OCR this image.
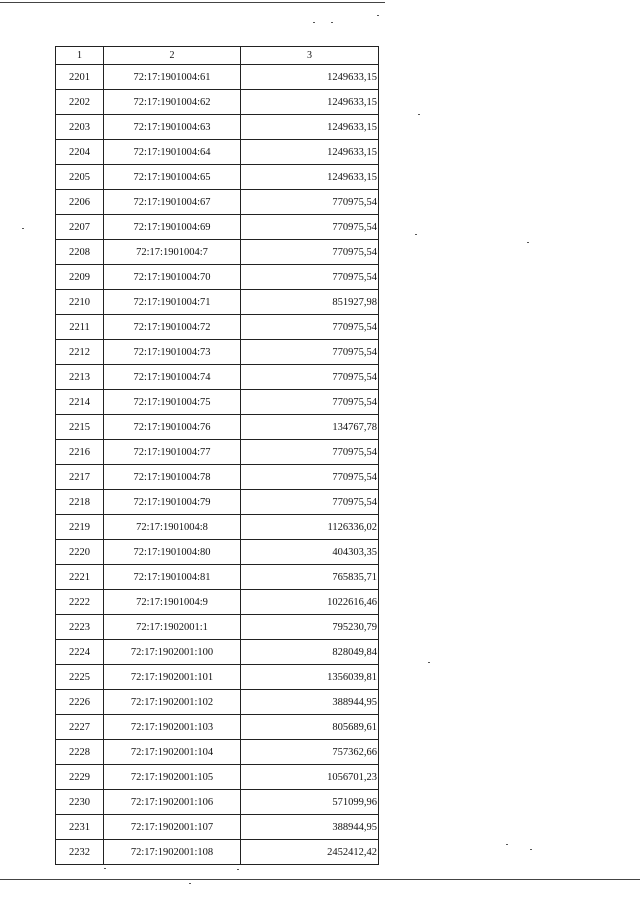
1	2	3
2201	72:17:1901004:61	1249633,15
2202	72:17:1901004:62	1249633,15
2203	72:17:1901004:63	1249633,15
2204	72:17:1901004:64	1249633,15
2205	72:17:1901004:65	1249633,15
2206	72:17:1901004:67	770975,54
2207	72:17:1901004:69	770975,54
2208	72:17:1901004:7	770975,54
2209	72:17:1901004:70	770975,54
2210	72:17:1901004:71	851927,98
2211	72:17:1901004:72	770975,54
2212	72:17:1901004:73	770975,54
2213	72:17:1901004:74	770975,54
2214	72:17:1901004:75	770975,54
2215	72:17:1901004:76	134767,78
2216	72:17:1901004:77	770975,54
2217	72:17:1901004:78	770975,54
2218	72:17:1901004:79	770975,54
2219	72:17:1901004:8	1126336,02
2220	72:17:1901004:80	404303,35
2221	72:17:1901004:81	765835,71
2222	72:17:1901004:9	1022616,46
2223	72:17:1902001:1	795230,79
2224	72:17:1902001:100	828049,84
2225	72:17:1902001:101	1356039,81
2226	72:17:1902001:102	388944,95
2227	72:17:1902001:103	805689,61
2228	72:17:1902001:104	757362,66
2229	72:17:1902001:105	1056701,23
2230	72:17:1902001:106	571099,96
2231	72:17:1902001:107	388944,95
2232	72:17:1902001:108	2452412,42
